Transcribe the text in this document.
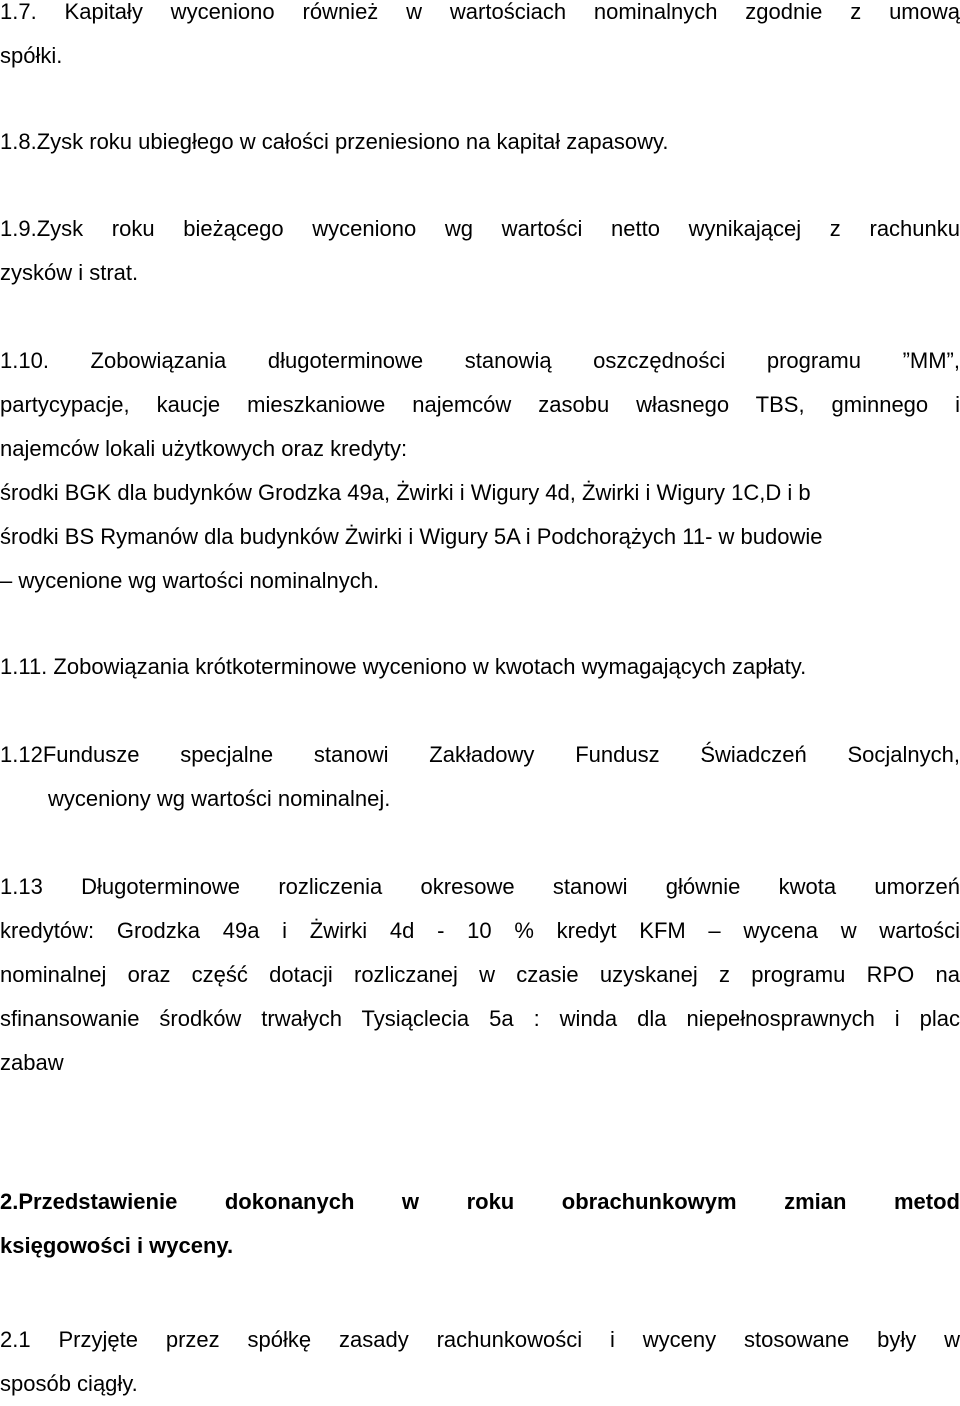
1.7. Kapitały wyceniono również w wartościach nominalnych zgodnie z umową
spółki.
1.8.Zysk roku ubiegłego w całości przeniesiono na kapitał zapasowy.
1.9.Zysk roku bieżącego wyceniono wg wartości netto wynikającej z rachunku
zysków i strat.
1.10. Zobowiązania długoterminowe stanowią oszczędności programu ”MM”,
partycypacje, kaucje mieszkaniowe najemców zasobu własnego TBS, gminnego i
najemców lokali użytkowych oraz kredyty:
środki BGK dla budynków Grodzka 49a, Żwirki i Wigury 4d, Żwirki i Wigury 1C,D i b
środki BS Rymanów dla budynków Żwirki i Wigury 5A i Podchorążych 11- w budowie
– wycenione wg wartości nominalnych.
1.11. Zobowiązania krótkoterminowe wyceniono w kwotach wymagających zapłaty.
1.12Fundusze specjalne stanowi Zakładowy Fundusz Świadczeń Socjalnych,
wyceniony wg wartości nominalnej.
1.13 Długoterminowe rozliczenia okresowe stanowi głównie kwota umorzeń
kredytów: Grodzka 49a i Żwirki 4d - 10 % kredyt KFM – wycena w wartości
nominalnej oraz część dotacji rozliczanej w czasie uzyskanej z programu RPO na
sfinansowanie środków trwałych Tysiąclecia 5a : winda dla niepełnosprawnych i plac
zabaw
2.Przedstawienie dokonanych w roku obrachunkowym zmian metod
księgowości i wyceny.
2.1 Przyjęte przez spółkę zasady rachunkowości i wyceny stosowane były w
sposób ciągły.
